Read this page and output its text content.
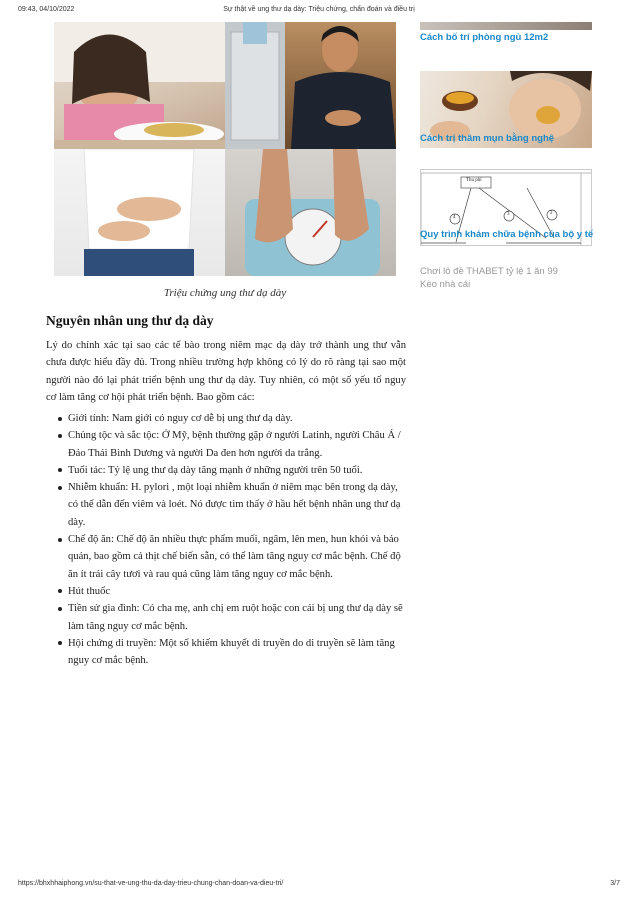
09:43, 04/10/2022	Sự thật về ung thư dạ dày: Triệu chứng, chẩn đoán và điều trị
Triệu chứng ung thư dạ dày
Nguyên nhân ung thư dạ dày

Lý do chính xác tại sao các tế bào trong niêm mạc dạ dày trở thành ung thư vẫn chưa được hiểu đầy đủ. Trong nhiều trường hợp không có lý do rõ ràng tại sao một người nào đó lại phát triển bệnh ung thư dạ dày. Tuy nhiên, có một số yếu tố nguy cơ làm tăng cơ hội phát triển bệnh. Bao gồm các:

Giới tính: Nam giới có nguy cơ dễ bị ung thư dạ dày.
Chủng tộc và sắc tộc: Ở Mỹ, bệnh thường gặp ở người Latinh, người Châu Á / Đảo Thái Bình Dương và người Da đen hơn người da trắng.
Tuổi tác: Tỷ lệ ung thư dạ dày tăng mạnh ở những người trên 50 tuổi.
Nhiễm khuẩn: H. pylori , một loại nhiễm khuẩn ở niêm mạc bên trong dạ dày, có thể dẫn đến viêm và loét. Nó được tìm thấy ở hầu hết bệnh nhân ung thư dạ dày.
Chế độ ăn: Chế độ ăn nhiều thực phẩm muối, ngâm, lên men, hun khói và bảo quản, bao gồm cả thịt chế biến sẵn, có thể làm tăng nguy cơ mắc bệnh. Chế độ ăn ít trái cây tươi và rau quả cũng làm tăng nguy cơ mắc bệnh.
Hút thuốc
Tiền sử gia đình: Có cha mẹ, anh chị em ruột hoặc con cái bị ung thư dạ dày sẽ làm tăng nguy cơ mắc bệnh.
Hội chứng di truyền: Một số khiếm khuyết di truyền do di truyền sẽ làm tăng nguy cơ mắc bệnh.
Cách bố trí phòng ngủ 12m2
Cách trị thâm mụn bằng nghệ
Thu phí
4
3	2
Quy trình khám chữa bệnh của bộ y tế
Chơi lô đề THABET tỷ lệ 1 ăn 99
Kèo nhà cái
https://bhxhhaiphong.vn/su-that-ve-ung-thu-da-day-trieu-chung-chan-doan-va-dieu-tri/	3/7
